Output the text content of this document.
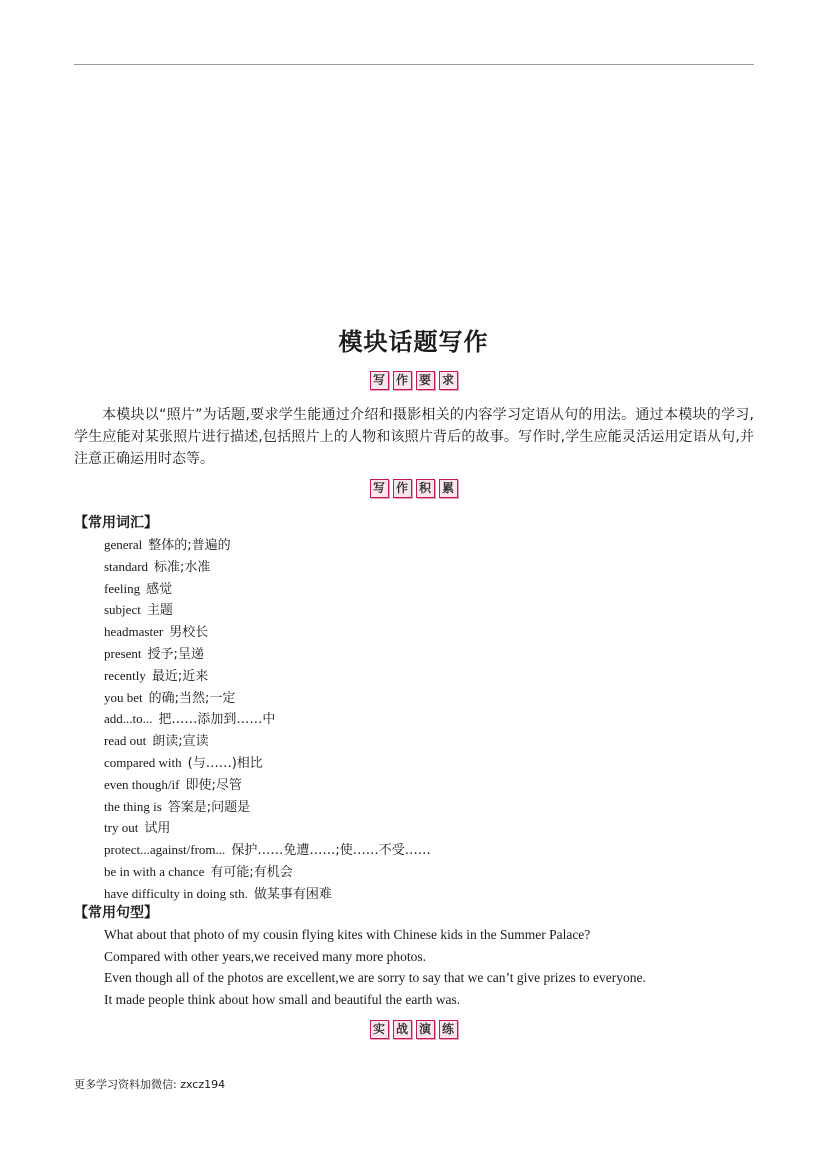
模块话题写作
写 作 要 求
本模块以“照片”为话题,要求学生能通过介绍和摄影相关的内容学习定语从句的用法。通过本模块的学习,学生应能对某张照片进行描述,包括照片上的人物和该照片背后的故事。写作时,学生应能灵活运用定语从句,并注意正确运用时态等。
写 作 积 累
【常用词汇】
general 整体的;普遍的
standard 标准;水准
feeling 感觉
subject 主题
headmaster 男校长
present 授予;呈递
recently 最近;近来
you bet 的确;当然;一定
add...to... 把……添加到……中
read out 朗读;宣读
compared with (与……)相比
even though/if 即使;尽管
the thing is 答案是;问题是
try out 试用
protect...against/from... 保护……免遭……;使……不受……
be in with a chance 有可能;有机会
have difficulty in doing sth. 做某事有困难
【常用句型】
What about that photo of my cousin flying kites with Chinese kids in the Summer Palace?
Compared with other years,we received many more photos.
Even though all of the photos are excellent,we are sorry to say that we can’t give prizes to everyone.
It made people think about how small and beautiful the earth was.
实 战 演 练
更多学习资料加微信: zxcz194
